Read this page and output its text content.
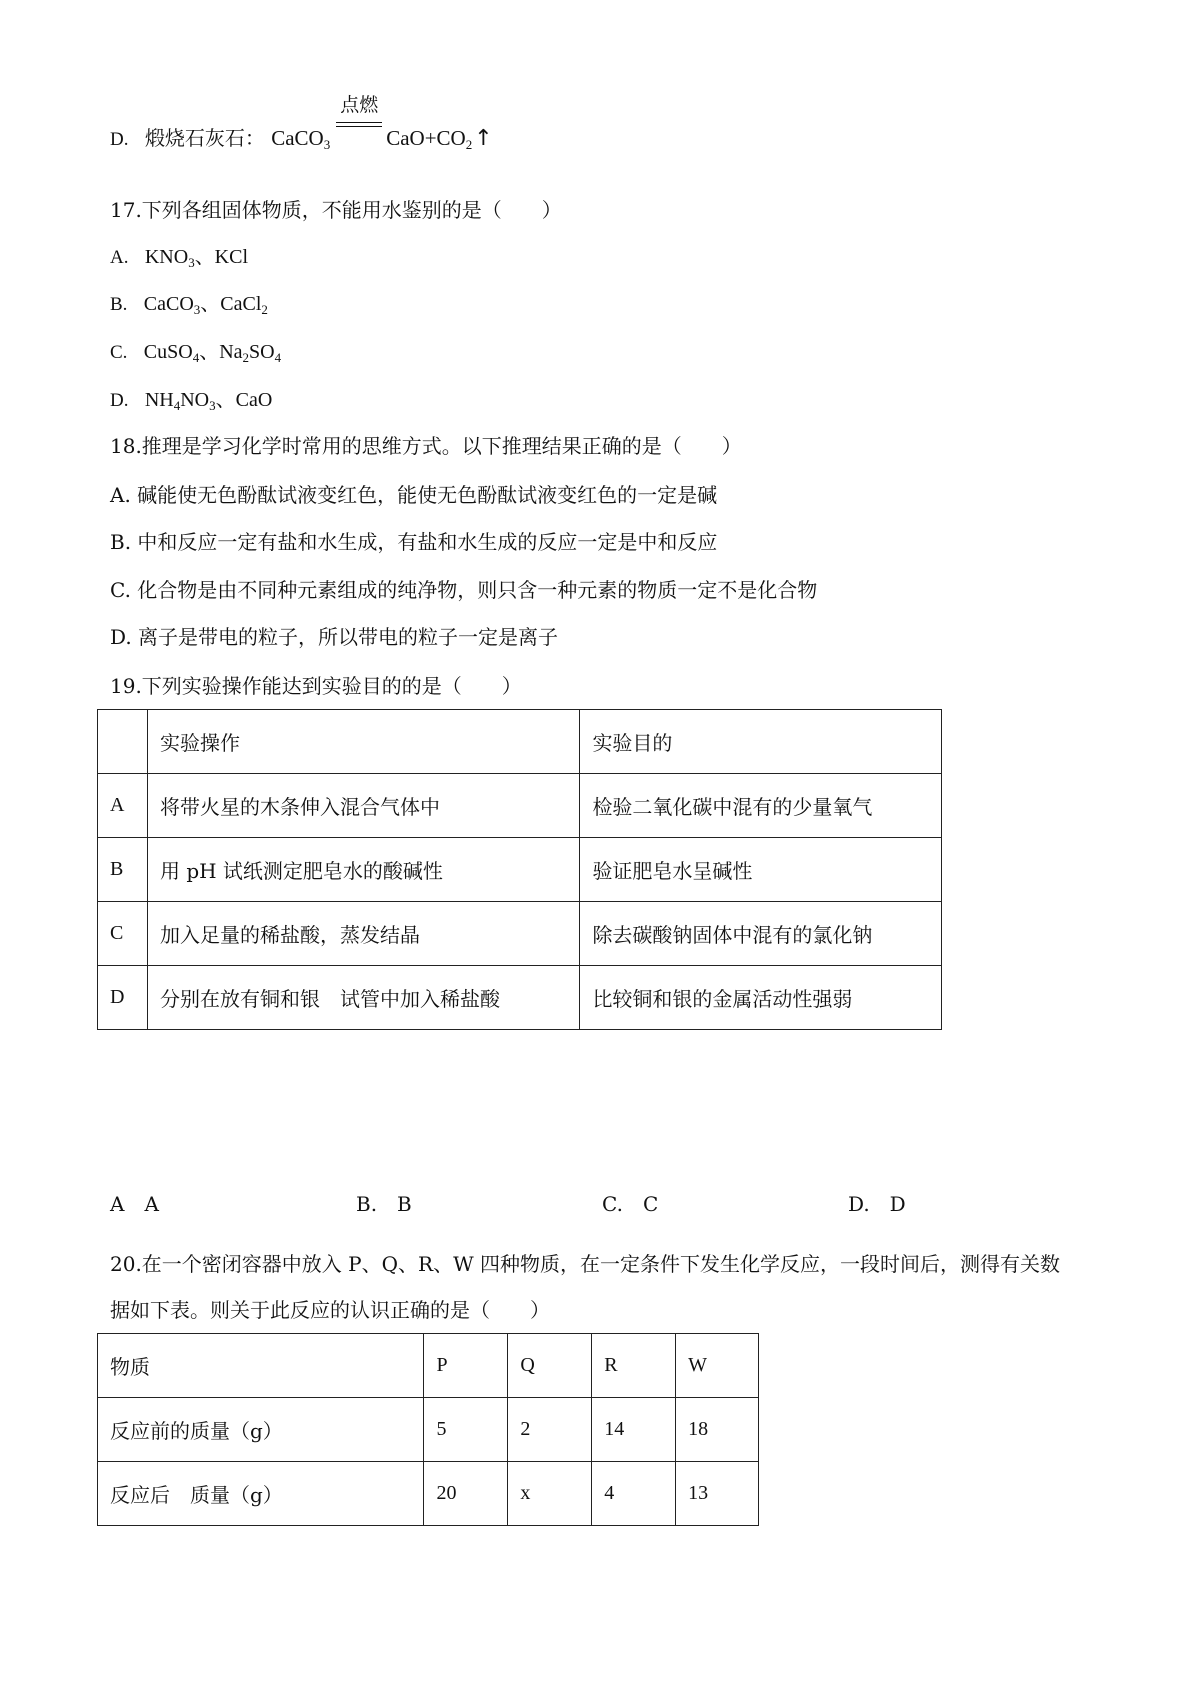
D. 煅烧石灰石： CaCO$_3$
点燃
$CaO+CO_2↑$
17.下列各组固体物质，不能用水鉴别的是（　　）
A. $KNO_3$、KCl
B. CaCO$_3$、CaCl$_2$
C. CuSO$_4$、$Na_2SO_4$
D. $NH_4NO_3$、CaO
18.推理是学习化学时常用的思维方式。以下推理结果正确的是（　　）
A. 碱能使无色酚酞试液变红色，能使无色酚酞试液变红色的一定是碱
B. 中和反应一定有盐和水生成，有盐和水生成的反应一定是中和反应
C. 化合物是由不同种元素组成的纯净物，则只含一种元素的物质一定不是化合物
D. 离子是带电的粒子，所以带电的粒子一定是离子
19.下列实验操作能达到实验目的的是（　　）
	实验操作	实验目的
A	将带火星的木条伸入混合气体中	检验二氧化碳中混有的少量氧气
B	用 pH 试纸测定肥皂水的酸碱性	验证肥皂水呈碱性
C	加入足量的稀盐酸，蒸发结晶	除去碳酸钠固体中混有的氯化钠
D	分别在放有铜和银　试管中加入稀盐酸	比较铜和银的金属活动性强弱
A　A	B.　B	C.　C	D.　D
20.在一个密闭容器中放入 P、Q、R、W 四种物质，在一定条件下发生化学反应，一段时间后，测得有关数
据如下表。则关于此反应的认识正确的是（　　）
物质	P	Q	R	W
反应前的质量（g）	5	2	14	18
反应后　质量（g）	20	x	4	13
